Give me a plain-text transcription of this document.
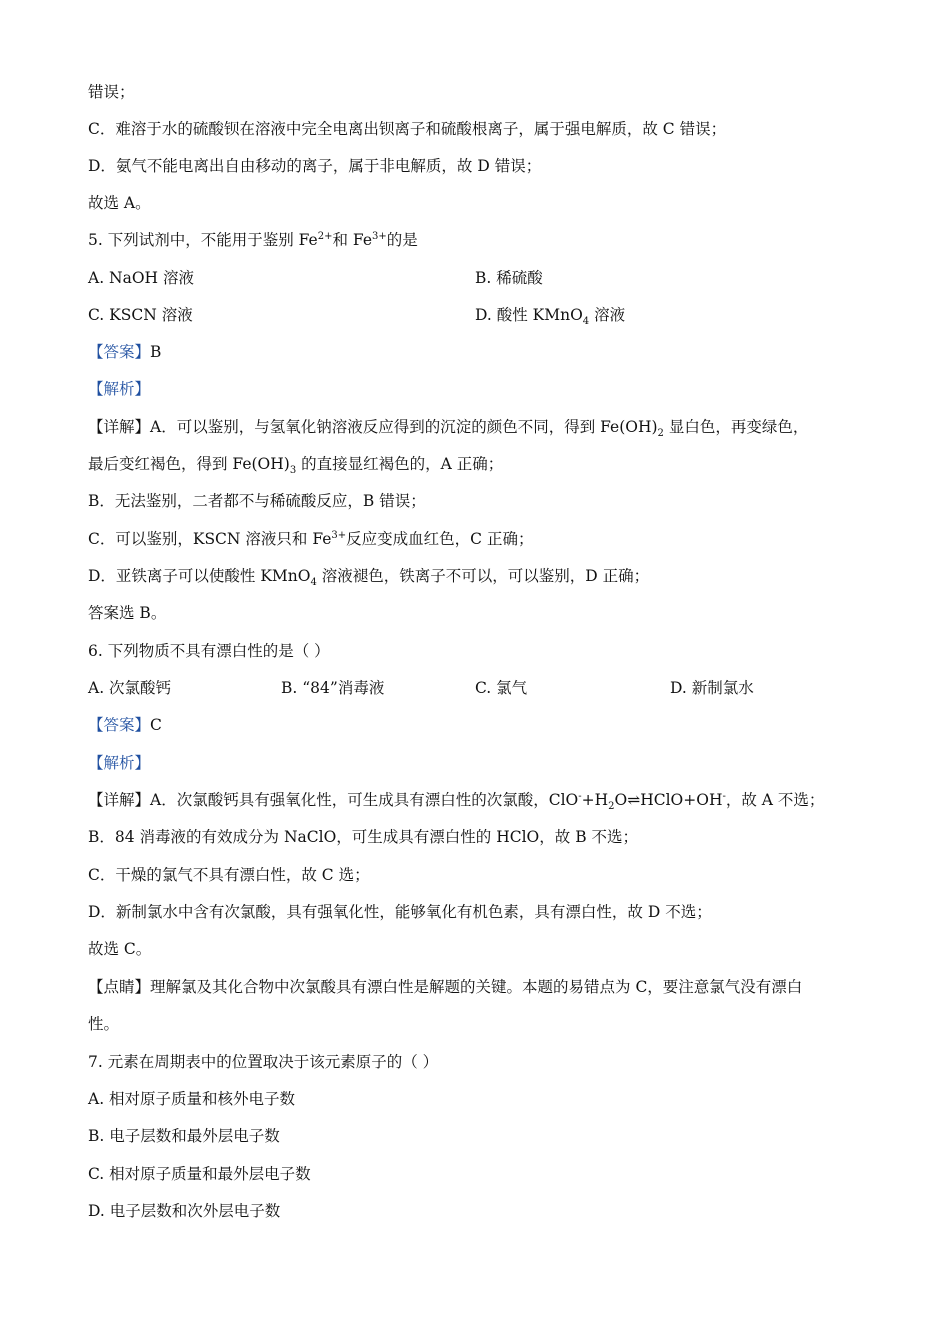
错误；
C．难溶于水的硫酸钡在溶液中完全电离出钡离子和硫酸根离子，属于强电解质，故 C 错误；
D．氨气不能电离出自由移动的离子，属于非电解质，故 D 错误；
故选 A。
5. 下列试剂中，不能用于鉴别 $Fe^{2+}$和 $Fe^{3+}$的是
A. NaOH 溶液	B. 稀硫酸
C. KSCN 溶液	D. 酸性 KMnO$_4$ 溶液
【答案】B
【解析】
【详解】A．可以鉴别，与氢氧化钠溶液反应得到的沉淀的颜色不同，得到 $Fe(OH)_2$ 显白色，再变绿色，
最后变红褐色，得到 $Fe(OH)_3$ 的直接显红褐色的，A 正确；
B．无法鉴别，二者都不与稀硫酸反应，B 错误；
C．可以鉴别，KSCN 溶液只和 $Fe^{3+}$反应变成血红色，C 正确；
D．亚铁离子可以使酸性 KMnO$_4$ 溶液褪色，铁离子不可以，可以鉴别，D 正确；
答案选 B。
6. 下列物质不具有漂白性的是（ ）
A. 次氯酸钙	B. “84”消毒液	C. 氯气	D. 新制氯水
【答案】C
【解析】
【详解】A．次氯酸钙具有强氧化性，可生成具有漂白性的次氯酸，$ClO^-+H_2O\rightleftharpoons HClO+OH^-$，故 A 不选；
B．84 消毒液的有效成分为 NaClO，可生成具有漂白性的 HClO，故 B 不选；
C．干燥的氯气不具有漂白性，故 C 选；
D．新制氯水中含有次氯酸，具有强氧化性，能够氧化有机色素，具有漂白性，故 D 不选；
故选 C。
【点睛】理解氯及其化合物中次氯酸具有漂白性是解题的关键。本题的易错点为 C，要注意氯气没有漂白
性。
7. 元素在周期表中的位置取决于该元素原子的（ ）
A. 相对原子质量和核外电子数
B. 电子层数和最外层电子数
C. 相对原子质量和最外层电子数
D. 电子层数和次外层电子数
